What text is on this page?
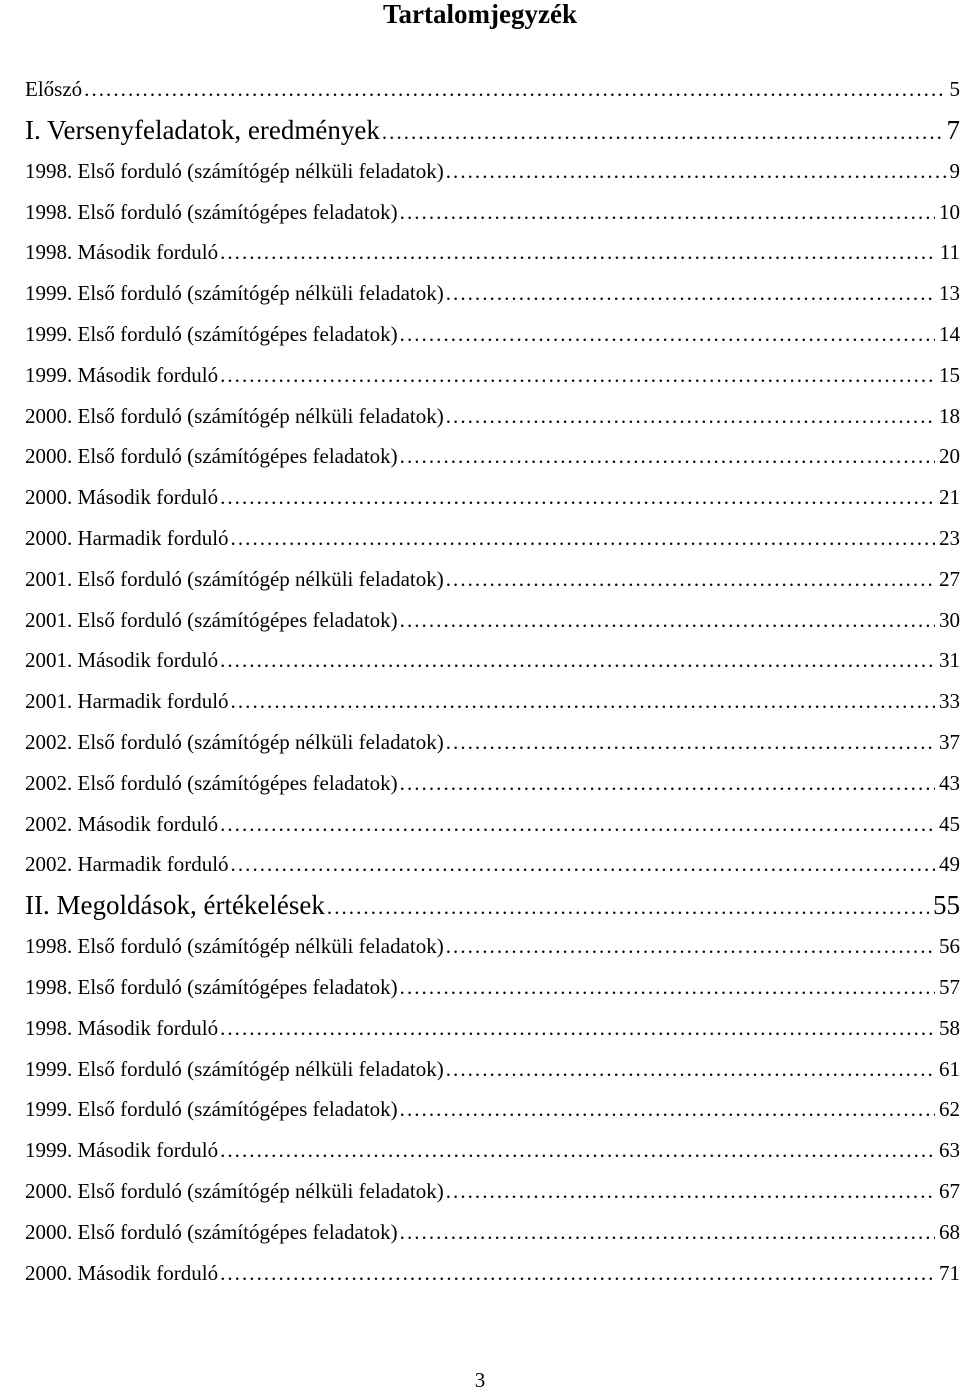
Tartalomjegyzék
Előszó . . .	5
I. Versenyfeladatok, eredmények . . .	7
1998. Első forduló (számítógép nélküli feladatok) . . .	9
1998. Első forduló (számítógépes feladatok) . . .	10
1998. Második forduló . . .	11
1999. Első forduló (számítógép nélküli feladatok) . . .	13
1999. Első forduló (számítógépes feladatok) . . .	14
1999. Második forduló . . .	15
2000. Első forduló (számítógép nélküli feladatok) . . .	18
2000. Első forduló (számítógépes feladatok) . . .	20
2000. Második forduló . . .	21
2000. Harmadik forduló . . .	23
2001. Első forduló (számítógép nélküli feladatok) . . .	27
2001. Első forduló (számítógépes feladatok) . . .	30
2001. Második forduló . . .	31
2001. Harmadik forduló . . .	33
2002. Első forduló (számítógép nélküli feladatok) . . .	37
2002. Első forduló (számítógépes feladatok) . . .	43
2002. Második forduló . . .	45
2002. Harmadik forduló . . .	49
II. Megoldások, értékelések . . .	55
1998. Első forduló (számítógép nélküli feladatok) . . .	56
1998. Első forduló (számítógépes feladatok) . . .	57
1998. Második forduló . . .	58
1999. Első forduló (számítógép nélküli feladatok) . . .	61
1999. Első forduló (számítógépes feladatok) . . .	62
1999. Második forduló . . .	63
2000. Első forduló (számítógép nélküli feladatok) . . .	67
2000. Első forduló (számítógépes feladatok) . . .	68
2000. Második forduló . . .	71
3
